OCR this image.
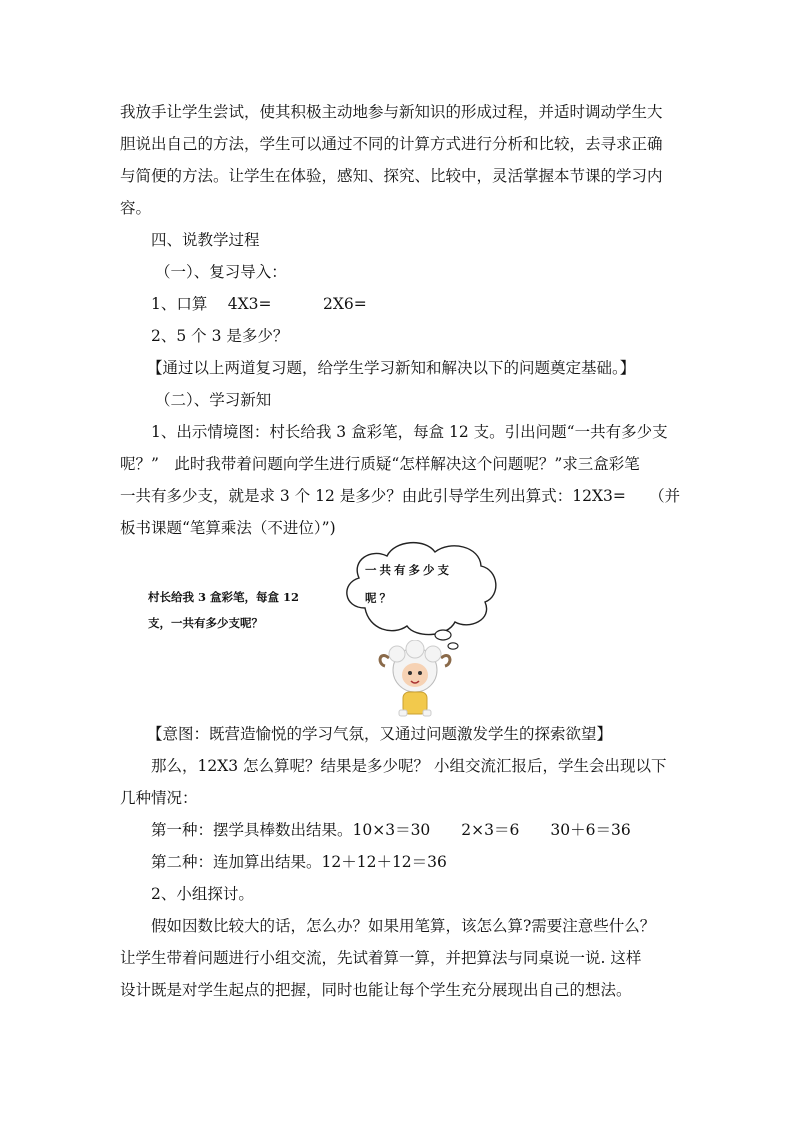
我放手让学生尝试，使其积极主动地参与新知识的形成过程，并适时调动学生大
胆说出自己的方法，学生可以通过不同的计算方式进行分析和比较，去寻求正确
与简便的方法。让学生在体验，感知、探究、比较中，灵活掌握本节课的学习内
容。
四、说教学过程
（一）、复习导入：
1、口算　 4X3=　　　 2X6=
2、5 个 3 是多少？
【通过以上两道复习题，给学生学习新知和解决以下的问题奠定基础。】
（二）、学习新知
1、出示情境图：村长给我 3 盒彩笔，每盒 12 支。引出问题“一共有多少支
呢？”　此时我带着问题向学生进行质疑“怎样解决这个问题呢？”求三盒彩笔
一共有多少支，就是求 3 个 12 是多少？由此引导学生列出算式：12X3=　　（并
板书课题“笔算乘法（不进位）”)
村长给我 3 盒彩笔，每盒 12
支，一共有多少支呢？
一共有多少支
呢？
【意图：既营造愉悦的学习气氛，又通过问题激发学生的探索欲望】
那么，12X3 怎么算呢？结果是多少呢？ 小组交流汇报后，学生会出现以下
几种情况：
第一种：摆学具棒数出结果。10×3＝30　　2×3＝6　　30＋6＝36
第二种：连加算出结果。12＋12＋12＝36
2、小组探讨。
假如因数比较大的话，怎么办？如果用笔算，该怎么算?需要注意些什么？
让学生带着问题进行小组交流，先试着算一算，并把算法与同桌说一说. 这样
设计既是对学生起点的把握，同时也能让每个学生充分展现出自己的想法。
